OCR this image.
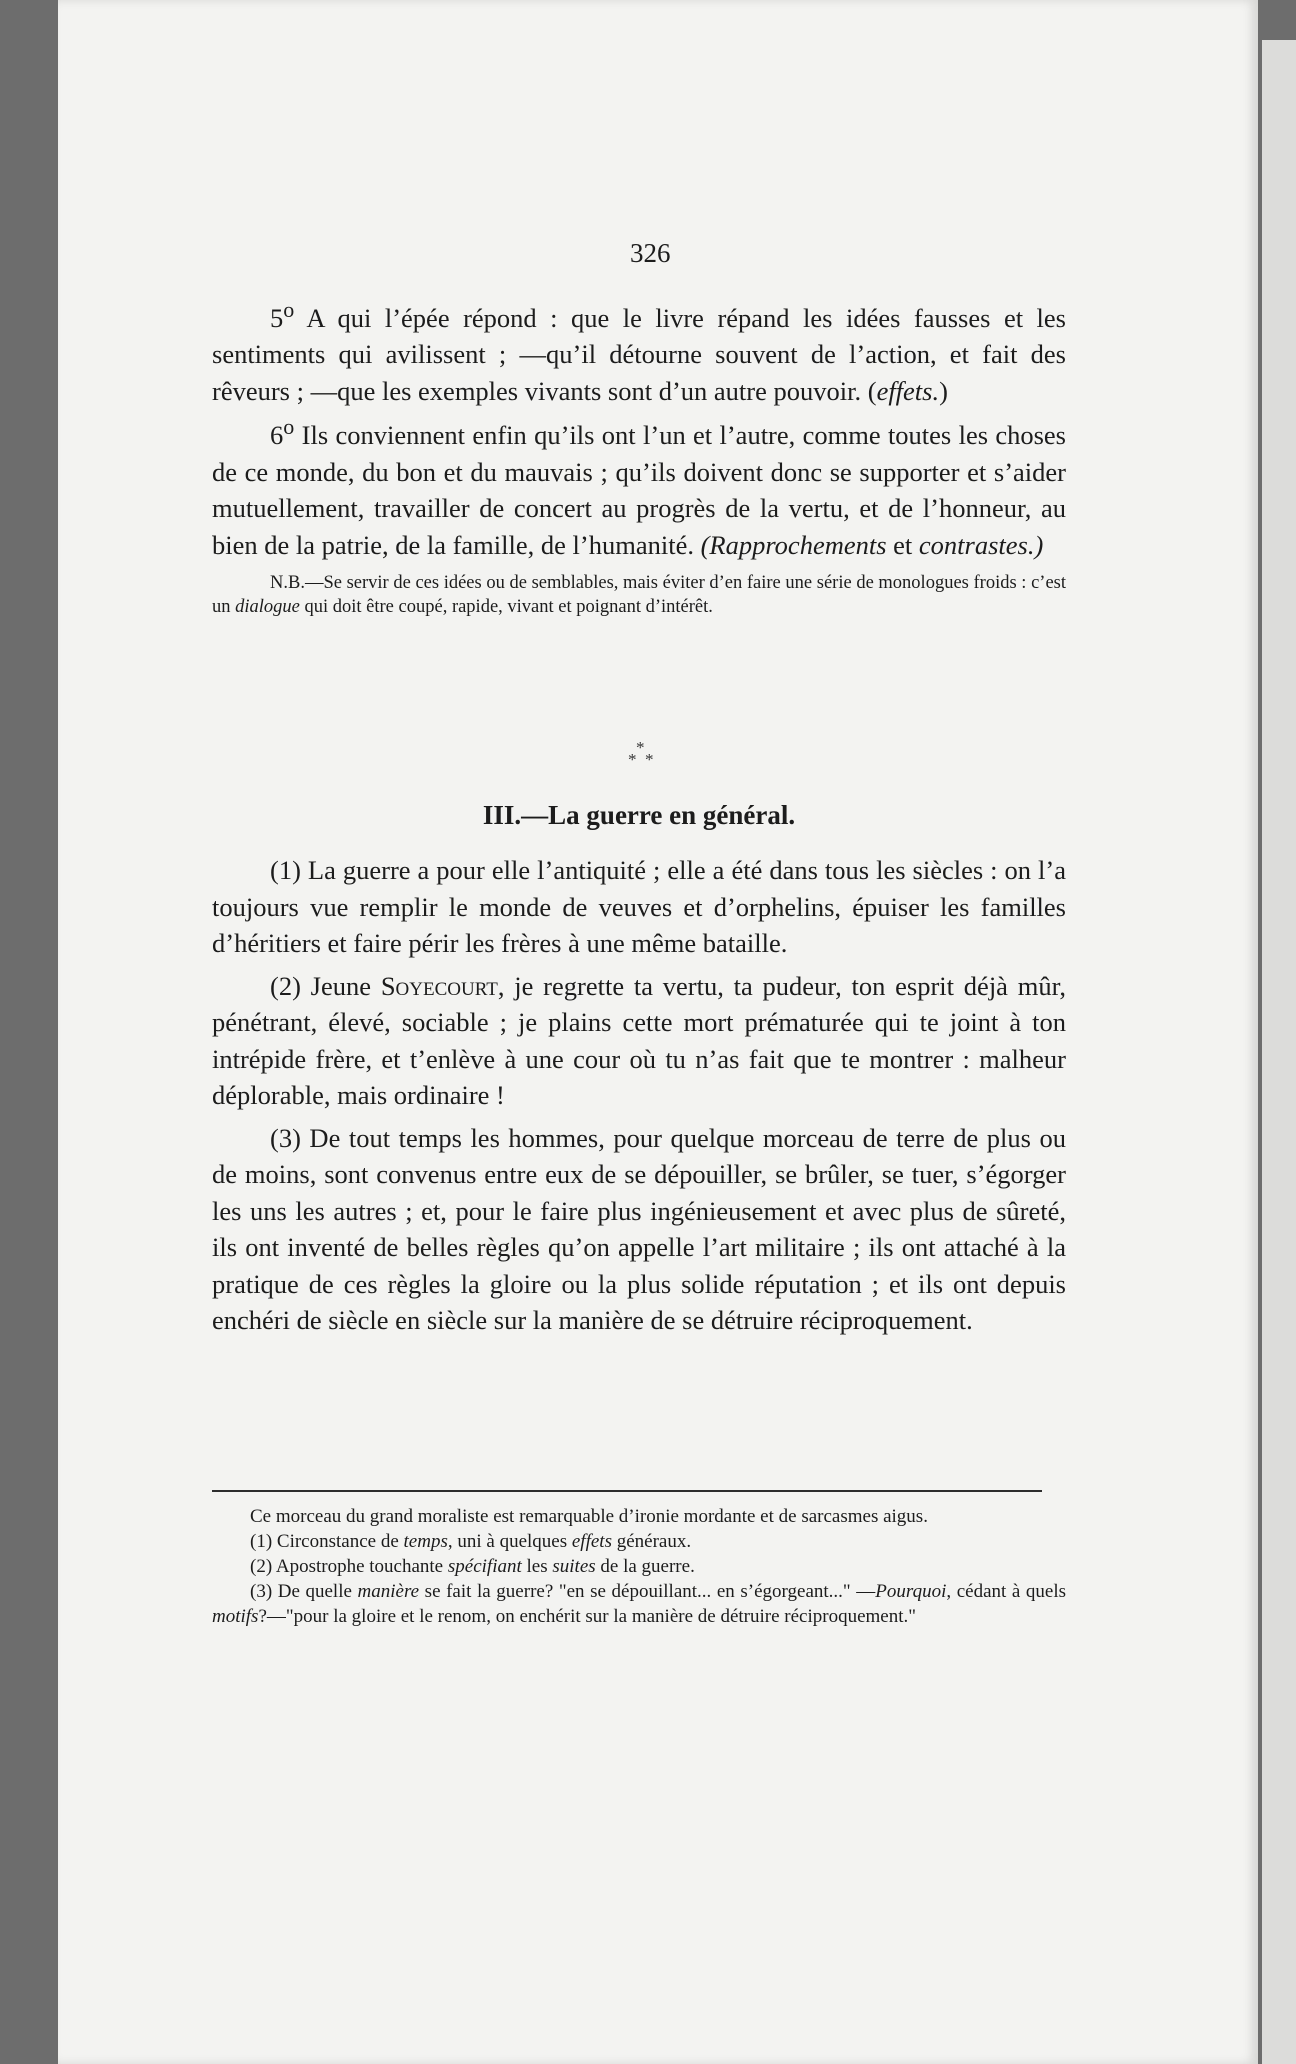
326

5$^o$ A qui l’épée répond : que le livre répand les idées fausses et les sentiments qui avilissent ; —qu’il détourne souvent de l’action, et fait des rêveurs ; —que les exemples vivants sont d’un autre pouvoir. (effets.)

6$^o$ Ils conviennent enfin qu’ils ont l’un et l’autre, comme toutes les choses de ce monde, du bon et du mauvais ; qu’ils doivent donc se supporter et s’aider mutuellement, travailler de concert au progrès de la vertu, et de l’honneur, au bien de la patrie, de la famille, de l’humanité. (Rapprochements et contrastes.)

N.B.—Se servir de ces idées ou de semblables, mais éviter d’en faire une série de monologues froids : c’est un dialogue qui doit être coupé, rapide, vivant et poignant d’intérêt.

*
* *

III.—La guerre en général.

(1) La guerre a pour elle l’antiquité ; elle a été dans tous les siècles : on l’a toujours vue remplir le monde de veuves et d’orphelins, épuiser les familles d’héritiers et faire périr les frères à une même bataille.

(2) Jeune Soyecourt, je regrette ta vertu, ta pudeur, ton esprit déjà mûr, pénétrant, élevé, sociable ; je plains cette mort prématurée qui te joint à ton intrépide frère, et t’enlève à une cour où tu n’as fait que te montrer : malheur déplorable, mais ordinaire !

(3) De tout temps les hommes, pour quelque morceau de terre de plus ou de moins, sont convenus entre eux de se dépouiller, se brûler, se tuer, s’égorger les uns les autres ; et, pour le faire plus ingénieusement et avec plus de sûreté, ils ont inventé de belles règles qu’on appelle l’art militaire ; ils ont attaché à la pratique de ces règles la gloire ou la plus solide réputation ; et ils ont depuis enchéri de siècle en siècle sur la manière de se détruire réciproquement.

Ce morceau du grand moraliste est remarquable d’ironie mordante et de sarcasmes aigus.

(1) Circonstance de temps, uni à quelques effets généraux.

(2) Apostrophe touchante spécifiant les suites de la guerre.

(3) De quelle manière se fait la guerre? "en se dépouillant... en s’égorgeant..." —Pourquoi, cédant à quels motifs?—"pour la gloire et le renom, on enchérit sur la manière de détruire réciproquement."
